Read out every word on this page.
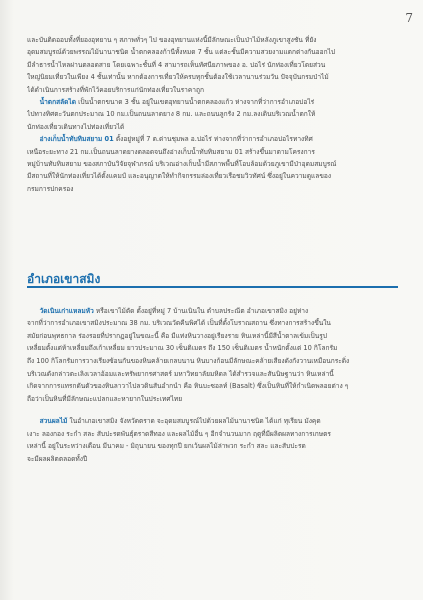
7

และบันติดออบทั้งที่ยองอุทยาน ๆ สภาพทั่วๆ ไป ของอุทยานแห่งนี้มีลักษณะเป็นป่าไม้หลังภูเขาสูงชัน ที่ยัง
อุดมสมบูรณ์ด้วยพรรณไม้นานาชนิด น้ำตกคลองก้านีทั้งหมด 7 ชั้น แต่ละชั้นมีความสวยงามแตกต่างกันออกไป
มีลำธารน้ำไหลผ่านตลอดสาย โดยเฉพาะชั้นที่ 4 สามารถเห็นทัศนียภาพของ อ. บ่อไร่ นักท่องเที่ยวโดยส่วน
ใหญ่นิยมเที่ยวในเพียง 4 ชั้นเท่านั้น หากต้องการเที่ยวให้ครบทุกชั้นต้องใช้เวลานานร่วมวัน ปัจจุบันกรมป่าไม้
ได้ดำเนินการสร้างที่พักไว้คอยบริการแก่นักท่องเที่ยวในราคาถูก

น้ำตกสลัดได เป็นน้ำตกขนาด 3 ชั้น อยู่ในเขตอุทยานน้ำตกคลองแก้ว ห่างจากที่ว่าการอำเภอบ่อไร่
ไปทางทิศตะวันตกประมาณ 10 กม.เป็นถนนลาดยาง 8 กม. และถนนลูกรัง 2 กม.ลงเดินบริเวณน้ำตกให้
นักท่องเที่ยวเดินทางไปท่องเที่ยวได้

อ่างเก็บน้ำทับทิมสยาม 01 ตั้งอยู่หมู่ที่ 7 ต.ด่านชุมพล อ.บ่อไร่ ห่างจากที่ว่าการอำเภอบ่อไรทางทิศ
เหนือระยะทาง 21 กม.เป็นถนนลาดยางตลอดจนถึงอ่างเก็บน้ำทับทิมสยาม 01 สร้างขึ้นมาตามโครงการ
หมู่บ้านทับทิมสยาม ของสภาบันวิจัยจุฬาภรณ์ บริเวณอ่างเก็บน้ำมีสภาพพื้นที่โอบล้อมด้วยภูเขามีป่าอุดมสมบูรณ์
มีสถานที่ให้นักท่องเที่ยวได้ตั้งแคมป์ และอนุญาตให้ทำกิจกรรมล่องเที่ยวเรือชมวิวทัศน์ ซึ่งอยู่ในความดูแลของ
กรมการปกครอง

อำเภอเขาสมิง

วัดเนินเก่าแหลมหัว หรือเขาไม้ตัด ตั้งอยู่ที่หมู่ 7 บ้านเนินใน ตำบลประณีต อำเภอเขาสมิง อยู่ห่าง
จากที่ว่าการอำเภอเขาสมิงประมาณ 38 กม. บริเวณวัดคีนพิศได้ เป็นที่ตั้งโบราณสถาน ซึ่งทางการสร้างขึ้นใน
สมัยก่อนพุทธกาล ร่องรอยที่ปรากฏอยู่ในขณะนี้ คือ มีแท่งหินวางอยู่เรียงราย หินเหล่านี้มีสีน้ำตาลเข้มเป็นรูป
เหลี่ยมตั้งแต่ห้าเหลี่ยมถึงเก้าเหลี่ยม ยาวประมาณ 30 เซ็นติเมตร ถึง 150 เซ็นติเมตร น้ำหนักตั้งแต่ 10 กิโลกรัม
ถึง 100 กิโลกรัมการวางเรียงซ้อนกันของหินคล้ายเกลบนาน หินบางก้อนมีลักษณะคล้ายเสียงดังกังวานเหมือนกระดิ่ง
บริเวณดังกล่าวตะเลิงเวลาอ้อมและทรัพยากรศาสตร์ มหาวิทยาลัยมหิดล ได้สำรวจและสันนิษฐานว่า หินเหล่านี้
เกิดจากการแทรกดันตัวของหินลาวาไปลวดินสันอำกนำ คือ หินบะซอลท์ (Basalt) ซึ่งเป็นหินที่ให้กำเนิดพลอยต่าง ๆ
ถือว่าเป็นหินที่มีลักษณะแปลกและหายากในประเทศไทย

สวนผลไม้ ในอำเภอเขาสมิง จังหวัดตราด จะอุดมสมบูรณ์ไปด้วยผลไม้นานาชนิด ได้แก่ ทุเรียน มังคุด
เงาะ ลองกอง ระกำ สละ สับปะรดพันธุ์ตราดสีทอง และผลไม้อื่น ๆ อีกจำนวนมาก ฤดูที่มีผลิตผลทางการเกษตร
เหล่านี้ อยู่ในระหว่างเดือน มีนาคม - มิถุนายน ของทุกปี ยกเว้นผลไม้ล่าพวก ระกำ สละ และสับปะรด
จะมีผลผลิตตลอดทั้งปี
